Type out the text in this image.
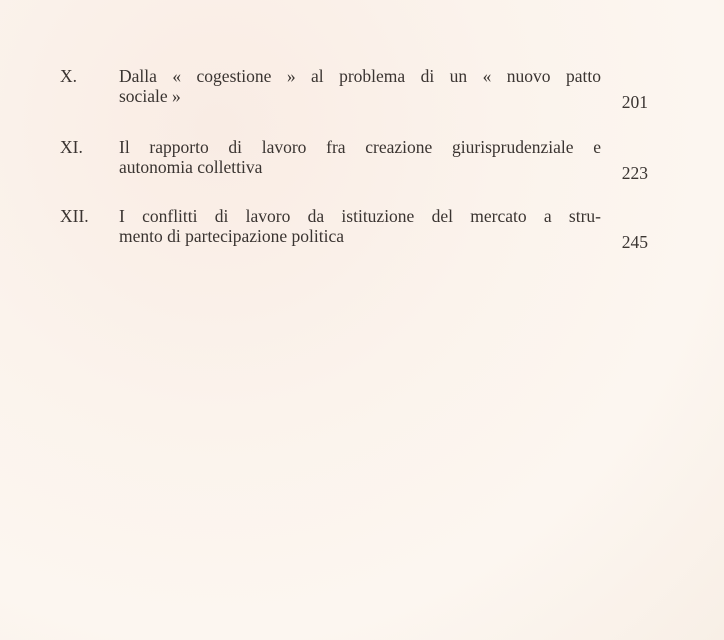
X. Dalla « cogestione » al problema di un « nuovo patto
sociale »	201
XI. Il rapporto di lavoro fra creazione giurisprudenziale e
autonomia collettiva	223
XII. I conflitti di lavoro da istituzione del mercato a stru-
mento di partecipazione politica	245
